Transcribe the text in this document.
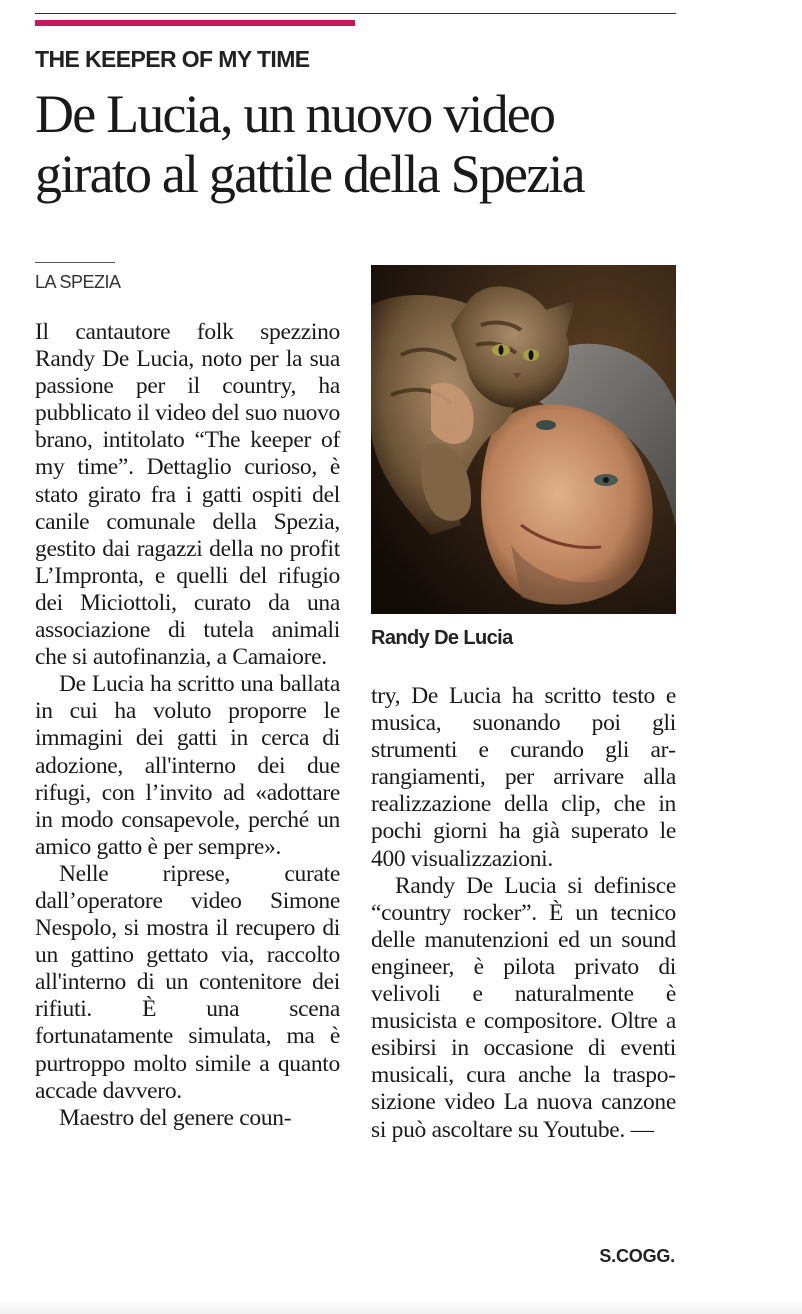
THE KEEPER OF MY TIME
De Lucia, un nuovo video
girato al gattile della Spezia
LA SPEZIA

Il cantautore folk spezzino Randy De Lucia, noto per la sua passione per il country, ha pubblicato il video del suo nuovo brano, intitolato “The keeper of my time”. Dettaglio curioso, è stato girato fra i gatti ospiti del canile comunale della Spezia, gestito dai ragazzi della no profit L’Impronta, e quelli del rifugio dei Miciottoli, curato da una associazione di tutela animali che si autofinanzia, a Camaiore.

De Lucia ha scritto una ballata in cui ha voluto proporre le immagini dei gatti in cerca di adozione, all'interno dei due rifugi, con l’invito ad «adottare in modo consapevole, perché un amico gatto è per sempre».

Nelle riprese, curate dall’operatore video Simone Nespolo, si mostra il recupero di un gattino gettato via, raccolto all'interno di un contenitore dei rifiuti. È una scena fortunatamente simulata, ma è purtroppo molto simile a quanto accade davvero.

Maestro del genere coun-

Randy De Lucia

try, De Lucia ha scritto testo e musica, suonando poi gli strumenti e curando gli arrangiamenti, per arrivare alla realizzazione della clip, che in pochi giorni ha già superato le 400 visualizzazioni.

Randy De Lucia si definisce “country rocker”. È un tecnico delle manutenzioni ed un sound engineer, è pilota privato di velivoli e naturalmente è musicista e compositore. Oltre a esibirsi in occasione di eventi musicali, cura anche la trasposizione video La nuova canzone si può ascoltare su Youtube. —

S.COGG.
